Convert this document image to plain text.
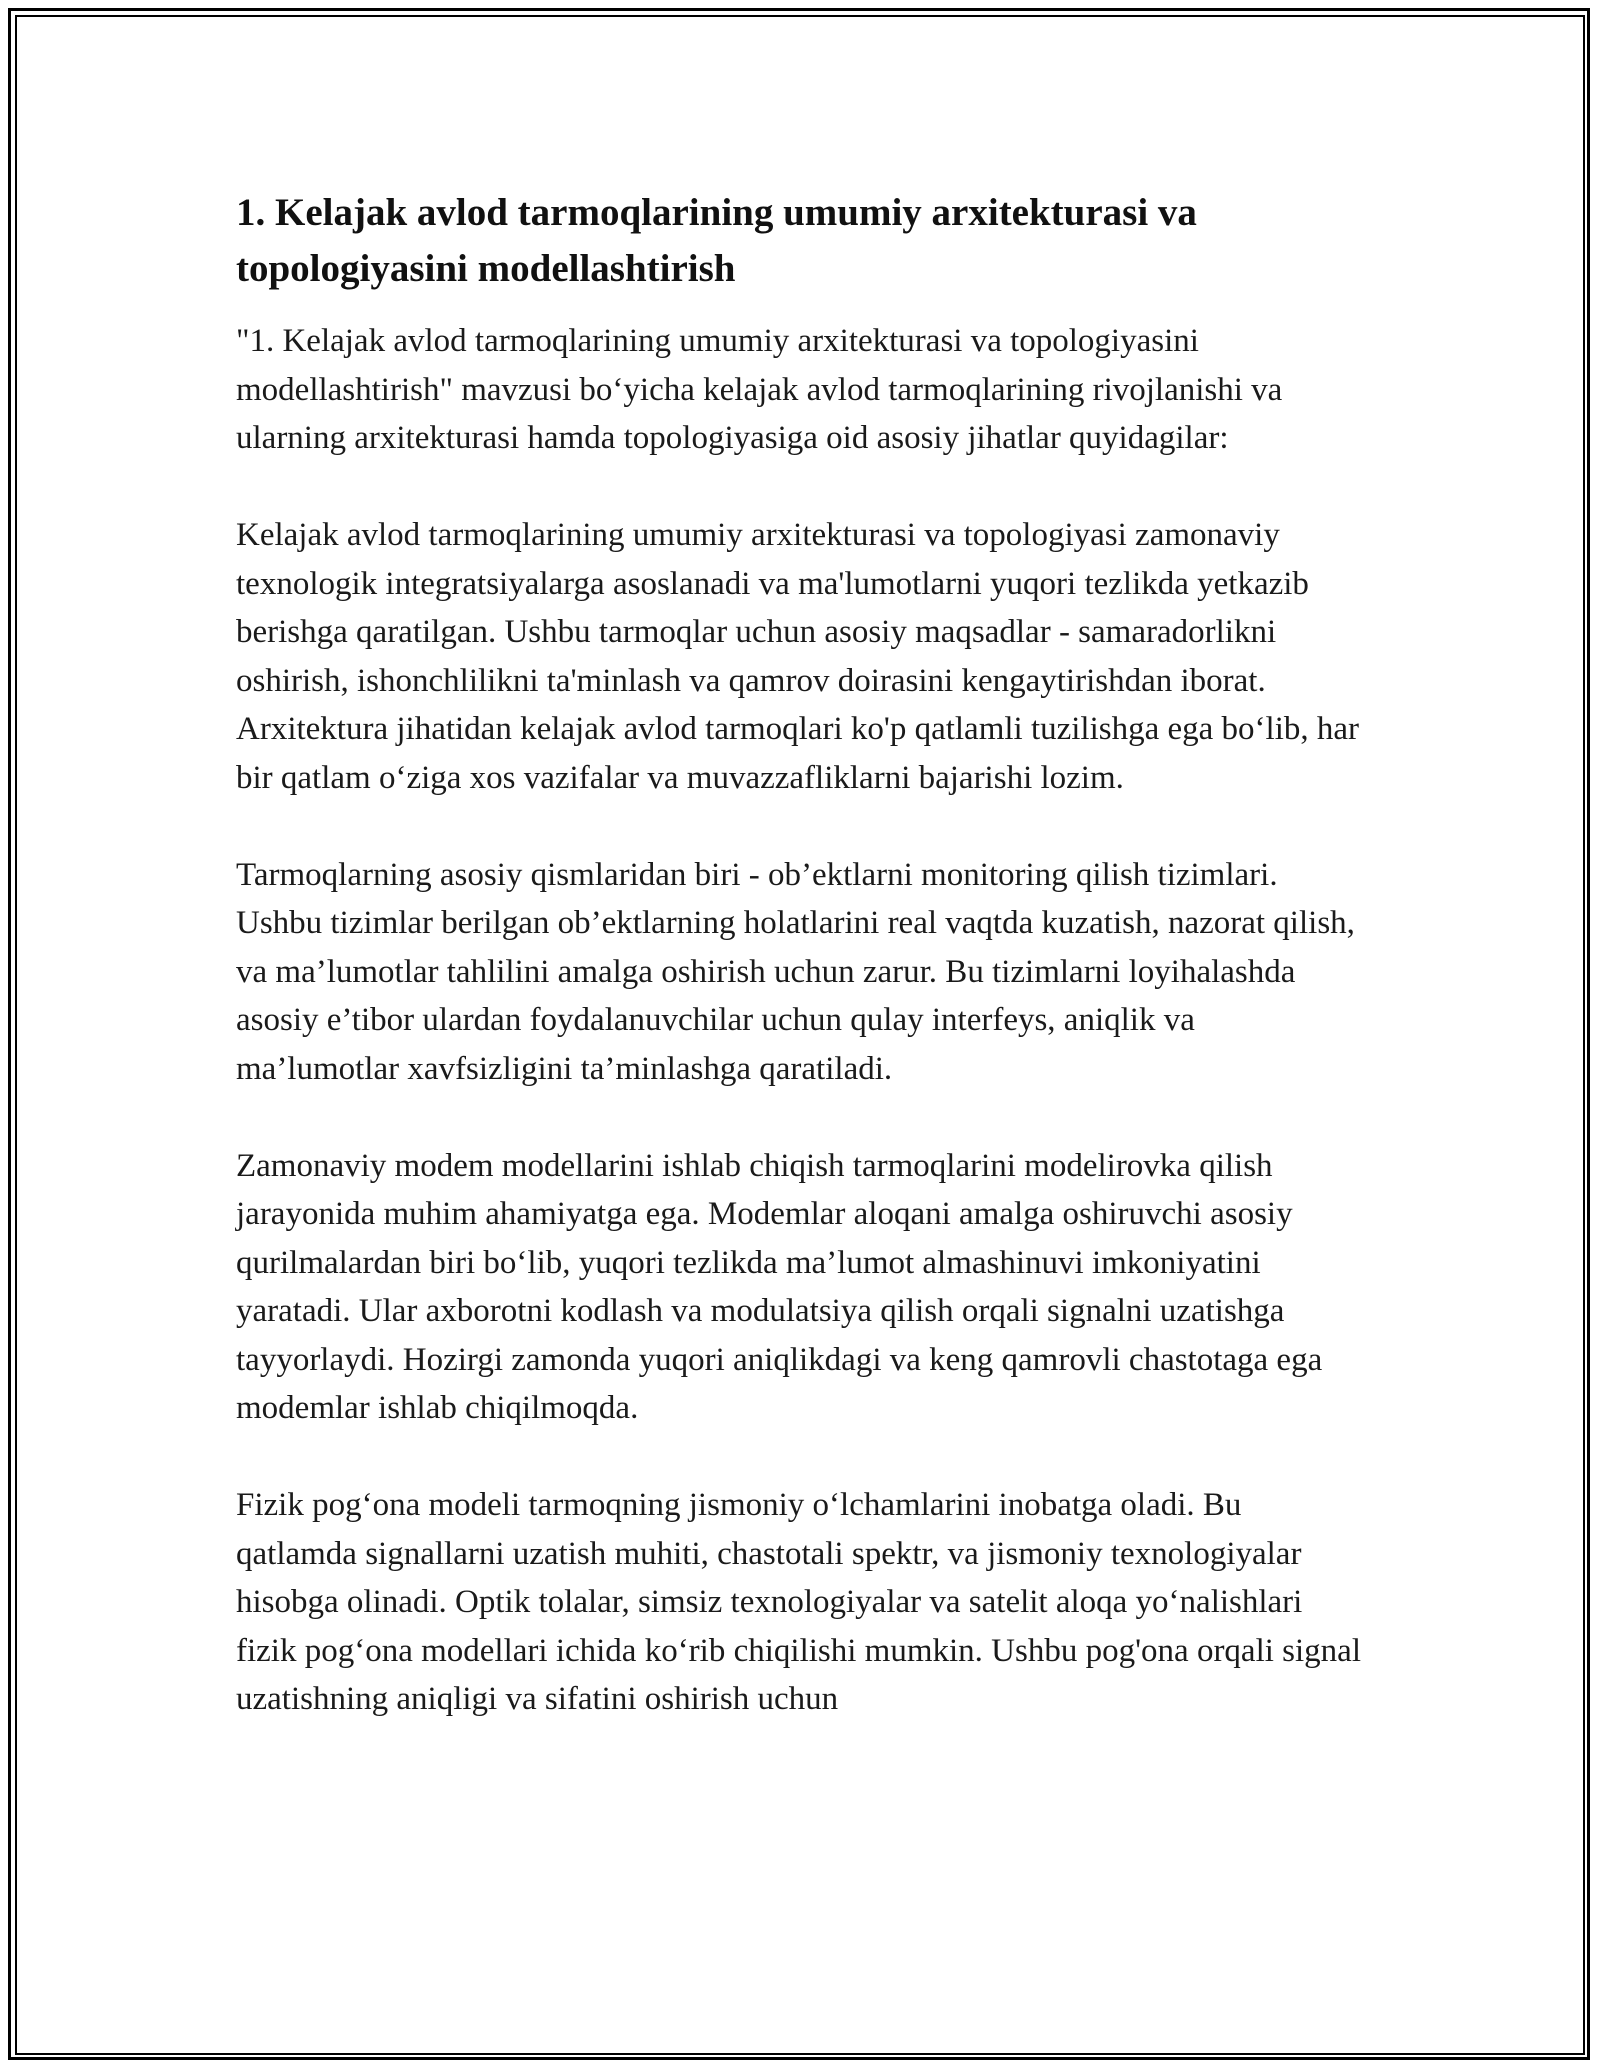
1. Kelajak avlod tarmoqlarining umumiy arxitekturasi va topologiyasini modellashtirish

"1. Kelajak avlod tarmoqlarining umumiy arxitekturasi va topologiyasini modellashtirish" mavzusi bo‘yicha kelajak avlod tarmoqlarining rivojlanishi va ularning arxitekturasi hamda topologiyasiga oid asosiy jihatlar quyidagilar:

Kelajak avlod tarmoqlarining umumiy arxitekturasi va topologiyasi zamonaviy texnologik integratsiyalarga asoslanadi va ma'lumotlarni yuqori tezlikda yetkazib berishga qaratilgan. Ushbu tarmoqlar uchun asosiy maqsadlar - samaradorlikni oshirish, ishonchlilikni ta'minlash va qamrov doirasini kengaytirishdan iborat. Arxitektura jihatidan kelajak avlod tarmoqlari ko'p qatlamli tuzilishga ega bo‘lib, har bir qatlam o‘ziga xos vazifalar va muvazzafliklarni bajarishi lozim.

Tarmoqlarning asosiy qismlaridan biri - ob’ektlarni monitoring qilish tizimlari. Ushbu tizimlar berilgan ob’ektlarning holatlarini real vaqtda kuzatish, nazorat qilish, va ma’lumotlar tahlilini amalga oshirish uchun zarur. Bu tizimlarni loyihalashda asosiy e’tibor ulardan foydalanuvchilar uchun qulay interfeys, aniqlik va ma’lumotlar xavfsizligini ta’minlashga qaratiladi.

Zamonaviy modem modellarini ishlab chiqish tarmoqlarini modelirovka qilish jarayonida muhim ahamiyatga ega. Modemlar aloqani amalga oshiruvchi asosiy qurilmalardan biri bo‘lib, yuqori tezlikda ma’lumot almashinuvi imkoniyatini yaratadi. Ular axborotni kodlash va modulatsiya qilish orqali signalni uzatishga tayyorlaydi. Hozirgi zamonda yuqori aniqlikdagi va keng qamrovli chastotaga ega modemlar ishlab chiqilmoqda.

Fizik pog‘ona modeli tarmoqning jismoniy o‘lchamlarini inobatga oladi. Bu qatlamda signallarni uzatish muhiti, chastotali spektr, va jismoniy texnologiyalar hisobga olinadi. Optik tolalar, simsiz texnologiyalar va satelit aloqa yo‘nalishlari fizik pog‘ona modellari ichida ko‘rib chiqilishi mumkin. Ushbu pog'ona orqali signal uzatishning aniqligi va sifatini oshirish uchun
